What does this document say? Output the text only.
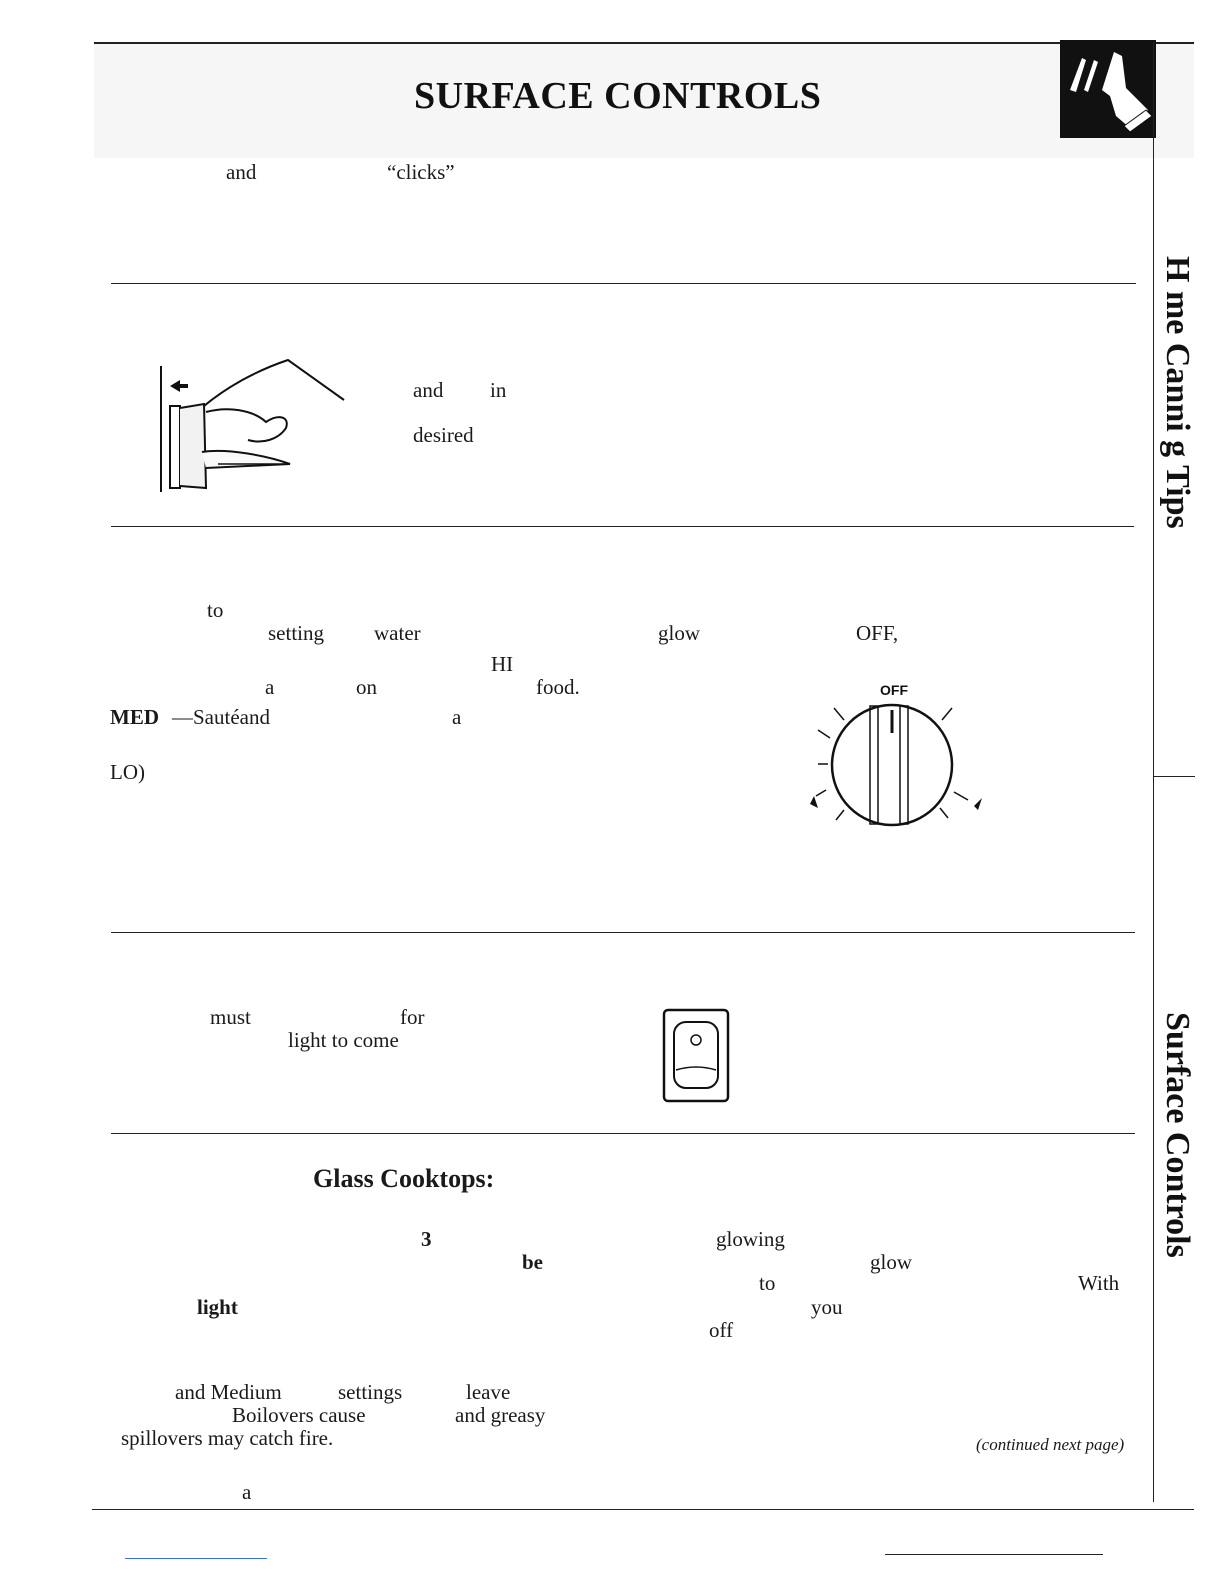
SURFACE CONTROLS
H me Canni g Tips
Surface Controls
and	“clicks”
and in
desired
to
setting water	glow	OFF,
HI
a	on	food.
MED —Sautéand	a
LO)
OFF
must	for
light to come
Glass Cooktops:
3	glowing
be	glow
to	With
light	you
off
and Medium	settings	leave
Boilovers cause	and greasy
spillovers may catch fire.	(continued next page)
a
